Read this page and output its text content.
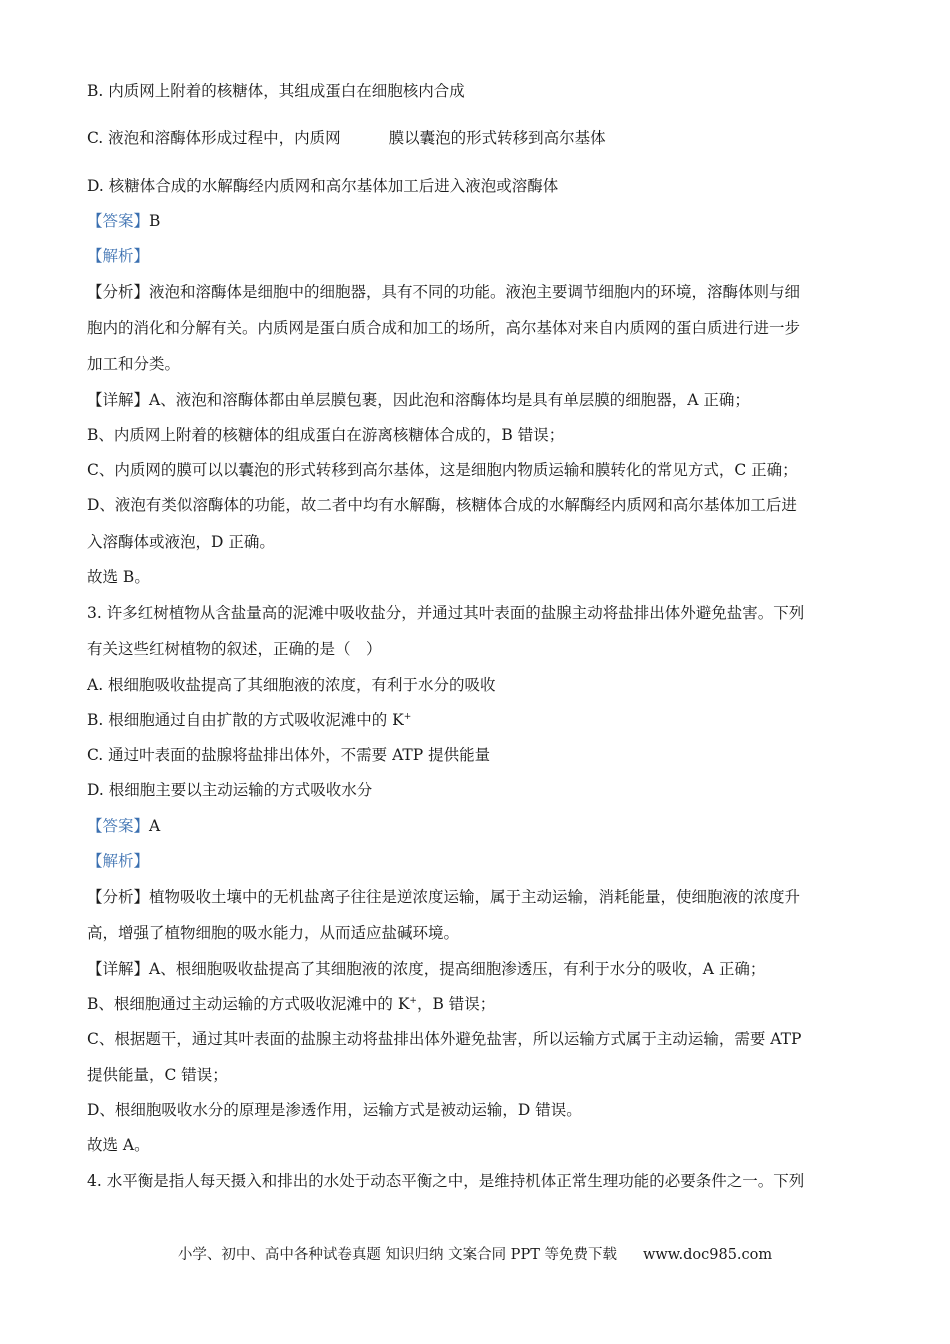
B. 内质网上附着的核糖体，其组成蛋白在细胞核内合成

C. 液泡和溶酶体形成过程中，内质网	膜以囊泡的形式转移到高尔基体

D. 核糖体合成的水解酶经内质网和高尔基体加工后进入液泡或溶酶体

【答案】B

【解析】

【分析】液泡和溶酶体是细胞中的细胞器，具有不同的功能。液泡主要调节细胞内的环境，溶酶体则与细

胞内的消化和分解有关。内质网是蛋白质合成和加工的场所，高尔基体对来自内质网的蛋白质进行进一步

加工和分类。

【详解】A、液泡和溶酶体都由单层膜包裹，因此泡和溶酶体均是具有单层膜的细胞器，A 正确；

B、内质网上附着的核糖体的组成蛋白在游离核糖体合成的，B 错误；

C、内质网的膜可以以囊泡的形式转移到高尔基体，这是细胞内物质运输和膜转化的常见方式，C 正确；

D、液泡有类似溶酶体的功能，故二者中均有水解酶，核糖体合成的水解酶经内质网和高尔基体加工后进

入溶酶体或液泡，D 正确。

故选 B。

3. 许多红树植物从含盐量高的泥滩中吸收盐分，并通过其叶表面的盐腺主动将盐排出体外避免盐害。下列

有关这些红树植物的叙述，正确的是（　）

A. 根细胞吸收盐提高了其细胞液的浓度，有利于水分的吸收

B. 根细胞通过自由扩散的方式吸收泥滩中的 K+

C. 通过叶表面的盐腺将盐排出体外，不需要 ATP 提供能量

D. 根细胞主要以主动运输的方式吸收水分

【答案】A

【解析】

【分析】植物吸收土壤中的无机盐离子往往是逆浓度运输，属于主动运输，消耗能量，使细胞液的浓度升

高，增强了植物细胞的吸水能力，从而适应盐碱环境。

【详解】A、根细胞吸收盐提高了其细胞液的浓度，提高细胞渗透压，有利于水分的吸收，A 正确；

B、根细胞通过主动运输的方式吸收泥滩中的 K+，B 错误；

C、根据题干，通过其叶表面的盐腺主动将盐排出体外避免盐害，所以运输方式属于主动运输，需要 ATP

提供能量，C 错误；

D、根细胞吸收水分的原理是渗透作用，运输方式是被动运输，D 错误。

故选 A。

4. 水平衡是指人每天摄入和排出的水处于动态平衡之中，是维持机体正常生理功能的必要条件之一。下列

小学、初中、高中各种试卷真题 知识归纳 文案合同 PPT 等免费下载 www.doc985.com
